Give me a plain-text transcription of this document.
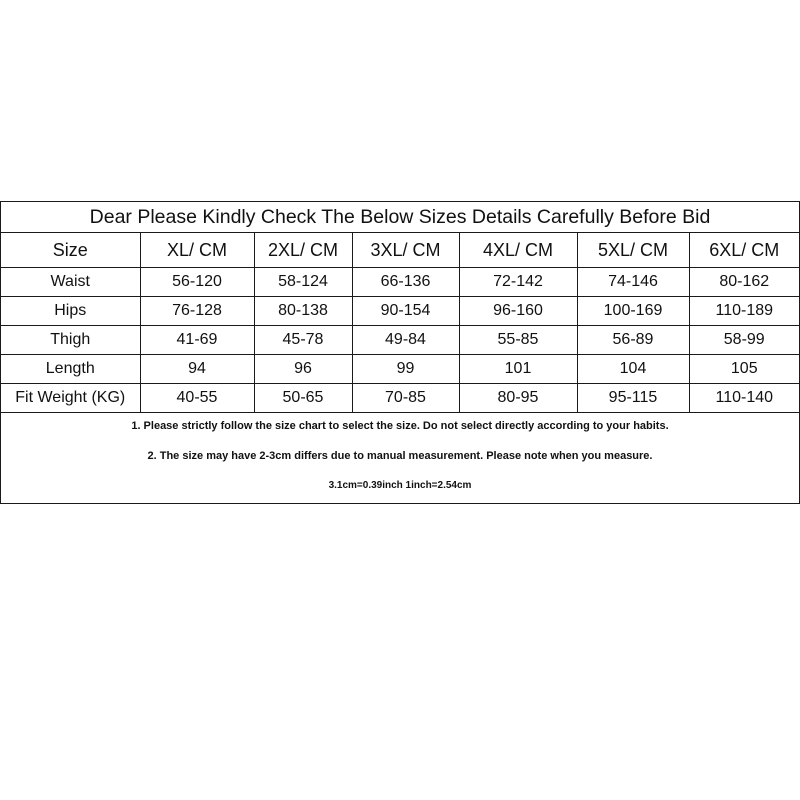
Dear Please Kindly Check The Below Sizes Details Carefully Before Bid
Size	XL/ CM	2XL/ CM	3XL/ CM	4XL/ CM	5XL/ CM	6XL/ CM
Waist	56-120	58-124	66-136	72-142	74-146	80-162
Hips	76-128	80-138	90-154	96-160	100-169	110-189
Thigh	41-69	45-78	49-84	55-85	56-89	58-99
Length	94	96	99	101	104	105
Fit Weight (KG)	40-55	50-65	70-85	80-95	95-115	110-140
1. Please strictly follow the size chart to select the size. Do not select directly according to your habits.
2. The size may have 2-3cm differs due to manual measurement. Please note when you measure.
3.1cm=0.39inch 1inch=2.54cm
